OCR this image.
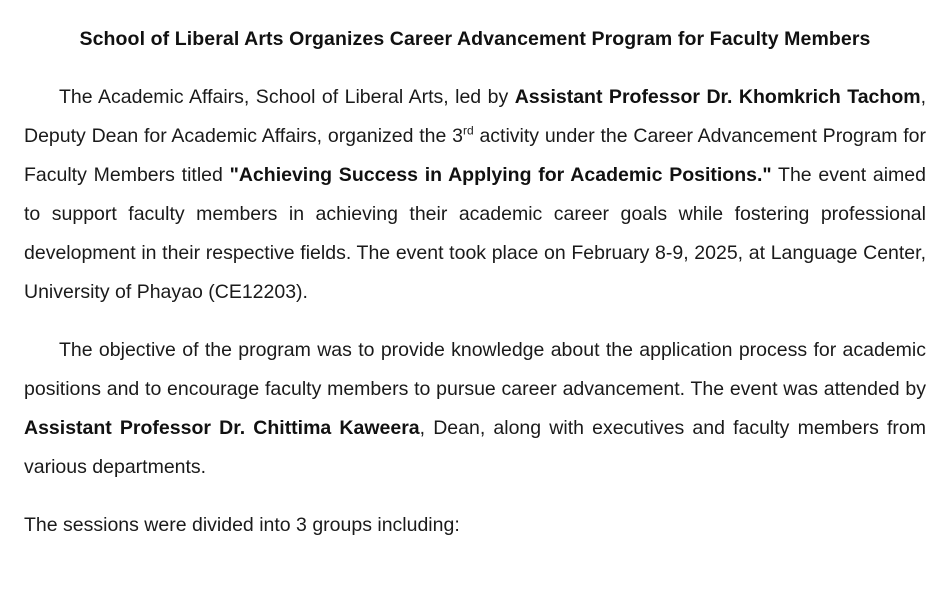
School of Liberal Arts Organizes Career Advancement Program for Faculty Members

The Academic Affairs, School of Liberal Arts, led by Assistant Professor Dr. Khomkrich Tachom, Deputy Dean for Academic Affairs, organized the 3rd activity under the Career Advancement Program for Faculty Members titled "Achieving Success in Applying for Academic Positions." The event aimed to support faculty members in achieving their academic career goals while fostering professional development in their respective fields. The event took place on February 8-9, 2025, at Language Center, University of Phayao (CE12203).

The objective of the program was to provide knowledge about the application process for academic positions and to encourage faculty members to pursue career advancement. The event was attended by Assistant Professor Dr. Chittima Kaweera, Dean, along with executives and faculty members from various departments.

The sessions were divided into 3 groups including:
